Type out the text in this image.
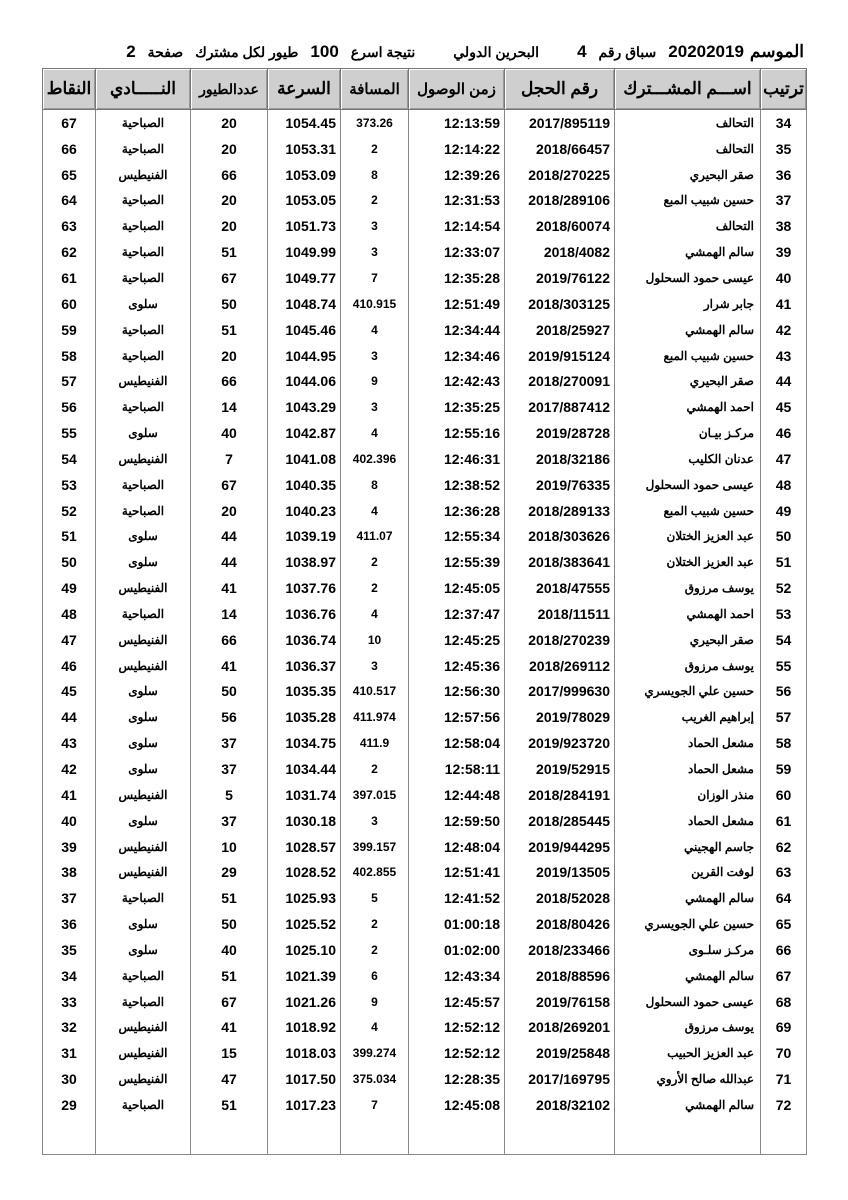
الموسم
20202019
سباق رقم
4
البحرين الدولي
نتيجة اسرع
100
طيور لكل مشترك
صفحة
2
النقاط	النـــــادي	عددالطيور	السرعة	المسافة	زمن الوصول	رقم الحجل	اســـم المشـــترك	ترتيب
67	الصباحية	20	1054.45	373.26	12:13:59	2017/895119	التحالف	34
66	الصباحية	20	1053.31	2	12:14:22	2018/66457	التحالف	35
65	الفنيطيس	66	1053.09	8	12:39:26	2018/270225	صقر البحيري	36
64	الصباحية	20	1053.05	2	12:31:53	2018/289106	حسين شبيب المبع	37
63	الصباحية	20	1051.73	3	12:14:54	2018/60074	التحالف	38
62	الصباحية	51	1049.99	3	12:33:07	2018/4082	سالم الهمشي	39
61	الصباحية	67	1049.77	7	12:35:28	2019/76122	عيسى حمود السحلول	40
60	سلوى	50	1048.74	410.915	12:51:49	2018/303125	جابر شرار	41
59	الصباحية	51	1045.46	4	12:34:44	2018/25927	سالم الهمشي	42
58	الصباحية	20	1044.95	3	12:34:46	2019/915124	حسين شبيب المبع	43
57	الفنيطيس	66	1044.06	9	12:42:43	2018/270091	صقر البحيري	44
56	الصباحية	14	1043.29	3	12:35:25	2017/887412	احمد الهمشي	45
55	سلوى	40	1042.87	4	12:55:16	2019/28728	مركـز بيـان	46
54	الفنيطيس	7	1041.08	402.396	12:46:31	2018/32186	عدنان الكليب	47
53	الصباحية	67	1040.35	8	12:38:52	2019/76335	عيسى حمود السحلول	48
52	الصباحية	20	1040.23	4	12:36:28	2018/289133	حسين شبيب المبع	49
51	سلوى	44	1039.19	411.07	12:55:34	2018/303626	عبد العزيز الختلان	50
50	سلوى	44	1038.97	2	12:55:39	2018/383641	عبد العزيز الختلان	51
49	الفنيطيس	41	1037.76	2	12:45:05	2018/47555	يوسف مرزوق	52
48	الصباحية	14	1036.76	4	12:37:47	2018/11511	احمد الهمشي	53
47	الفنيطيس	66	1036.74	10	12:45:25	2018/270239	صقر البحيري	54
46	الفنيطيس	41	1036.37	3	12:45:36	2018/269112	يوسف مرزوق	55
45	سلوى	50	1035.35	410.517	12:56:30	2017/999630	حسين علي الجويسري	56
44	سلوى	56	1035.28	411.974	12:57:56	2019/78029	إبراهيم الغريب	57
43	سلوى	37	1034.75	411.9	12:58:04	2019/923720	مشعل الحماد	58
42	سلوى	37	1034.44	2	12:58:11	2019/52915	مشعل الحماد	59
41	الفنيطيس	5	1031.74	397.015	12:44:48	2018/284191	منذر الوزان	60
40	سلوى	37	1030.18	3	12:59:50	2018/285445	مشعل الحماد	61
39	الفنيطيس	10	1028.57	399.157	12:48:04	2019/944295	جاسم الهجيني	62
38	الفنيطيس	29	1028.52	402.855	12:51:41	2019/13505	لوفت القرين	63
37	الصباحية	51	1025.93	5	12:41:52	2018/52028	سالم الهمشي	64
36	سلوى	50	1025.52	2	01:00:18	2018/80426	حسين علي الجويسري	65
35	سلوى	40	1025.10	2	01:02:00	2018/233466	مركـز سلـوى	66
34	الصباحية	51	1021.39	6	12:43:34	2018/88596	سالم الهمشي	67
33	الصباحية	67	1021.26	9	12:45:57	2019/76158	عيسى حمود السحلول	68
32	الفنيطيس	41	1018.92	4	12:52:12	2018/269201	يوسف مرزوق	69
31	الفنيطيس	15	1018.03	399.274	12:52:12	2019/25848	عبد العزيز الحبيب	70
30	الفنيطيس	47	1017.50	375.034	12:28:35	2017/169795	عبدالله صالح الأروي	71
29	الصباحية	51	1017.23	7	12:45:08	2018/32102	سالم الهمشي	72
